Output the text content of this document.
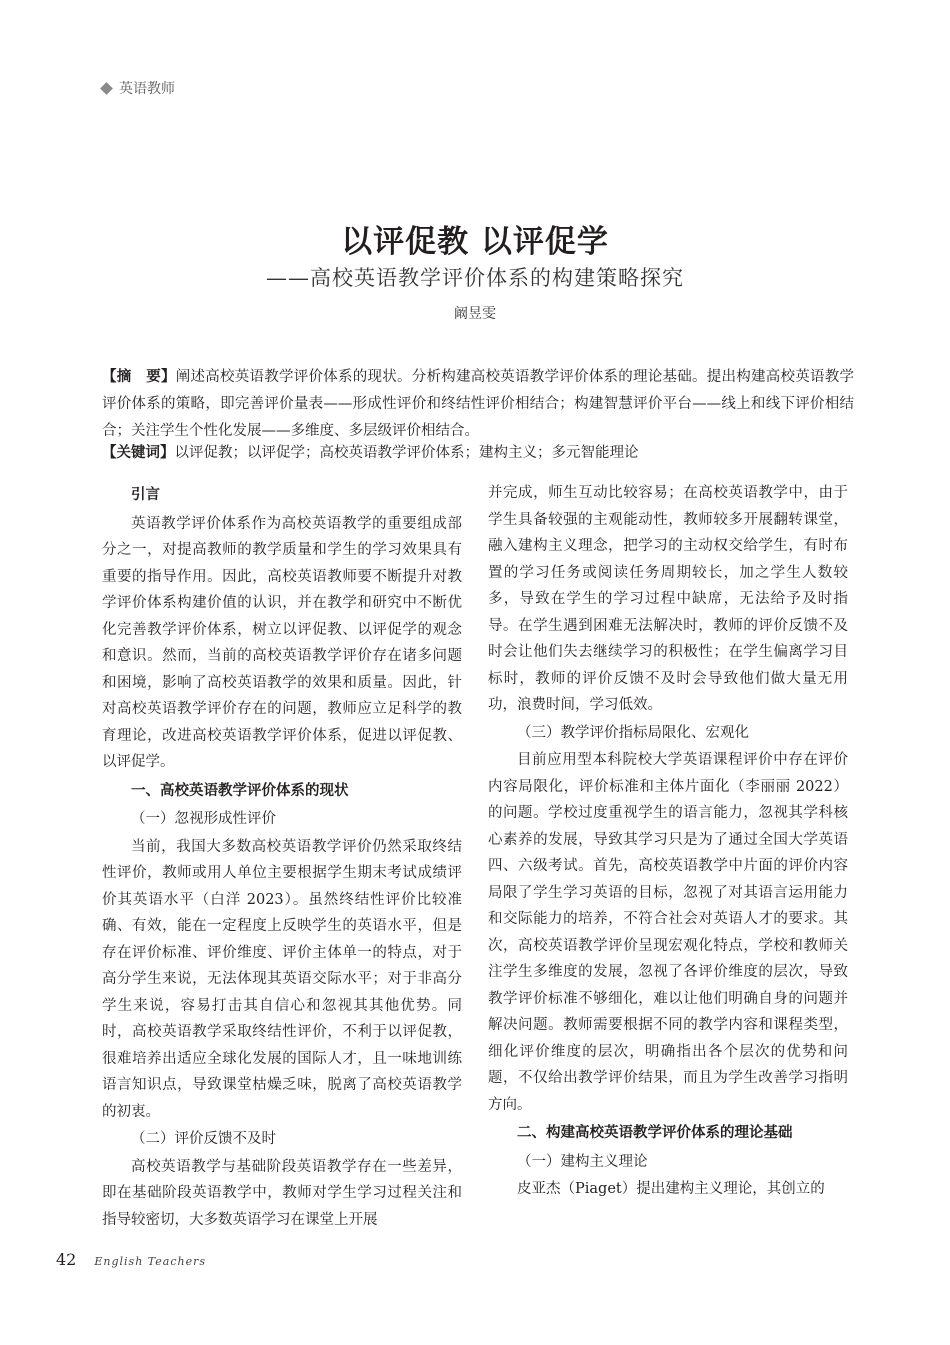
英语教师
以评促教 以评促学
——高校英语教学评价体系的构建策略探究
阚昱雯
【摘　要】阐述高校英语教学评价体系的现状。分析构建高校英语教学评价体系的理论基础。提出构建高校英语教学评价体系的策略，即完善评价量表——形成性评价和终结性评价相结合；构建智慧评价平台——线上和线下评价相结合；关注学生个性化发展——多维度、多层级评价相结合。
【关键词】以评促教；以评促学；高校英语教学评价体系；建构主义；多元智能理论
引言

英语教学评价体系作为高校英语教学的重要组成部分之一，对提高教师的教学质量和学生的学习效果具有重要的指导作用。因此，高校英语教师要不断提升对教学评价体系构建价值的认识，并在教学和研究中不断优化完善教学评价体系，树立以评促教、以评促学的观念和意识。然而，当前的高校英语教学评价存在诸多问题和困境，影响了高校英语教学的效果和质量。因此，针对高校英语教学评价存在的问题，教师应立足科学的教育理论，改进高校英语教学评价体系，促进以评促教、以评促学。

一、高校英语教学评价体系的现状
（一）忽视形成性评价

当前，我国大多数高校英语教学评价仍然采取终结性评价，教师或用人单位主要根据学生期末考试成绩评价其英语水平（白洋 2023）。虽然终结性评价比较准确、有效，能在一定程度上反映学生的英语水平，但是存在评价标准、评价维度、评价主体单一的特点，对于高分学生来说，无法体现其英语交际水平；对于非高分学生来说，容易打击其自信心和忽视其其他优势。同时，高校英语教学采取终结性评价，不利于以评促教，很难培养出适应全球化发展的国际人才，且一味地训练语言知识点，导致课堂枯燥乏味，脱离了高校英语教学的初衷。

（二）评价反馈不及时

高校英语教学与基础阶段英语教学存在一些差异，即在基础阶段英语教学中，教师对学生学习过程关注和指导较密切，大多数英语学习在课堂上开展

并完成，师生互动比较容易；在高校英语教学中，由于学生具备较强的主观能动性，教师较多开展翻转课堂，融入建构主义理念，把学习的主动权交给学生，有时布置的学习任务或阅读任务周期较长，加之学生人数较多，导致在学生的学习过程中缺席，无法给予及时指导。在学生遇到困难无法解决时，教师的评价反馈不及时会让他们失去继续学习的积极性；在学生偏离学习目标时，教师的评价反馈不及时会导致他们做大量无用功，浪费时间，学习低效。

（三）教学评价指标局限化、宏观化

目前应用型本科院校大学英语课程评价中存在评价内容局限化，评价标准和主体片面化（李丽丽 2022）的问题。学校过度重视学生的语言能力，忽视其学科核心素养的发展，导致其学习只是为了通过全国大学英语四、六级考试。首先，高校英语教学中片面的评价内容局限了学生学习英语的目标，忽视了对其语言运用能力和交际能力的培养，不符合社会对英语人才的要求。其次，高校英语教学评价呈现宏观化特点，学校和教师关注学生多维度的发展，忽视了各评价维度的层次，导致教学评价标准不够细化，难以让他们明确自身的问题并解决问题。教师需要根据不同的教学内容和课程类型，细化评价维度的层次，明确指出各个层次的优势和问题，不仅给出教学评价结果，而且为学生改善学习指明方向。

二、构建高校英语教学评价体系的理论基础
（一）建构主义理论

皮亚杰（Piaget）提出建构主义理论，其创立的

42 English Teachers
